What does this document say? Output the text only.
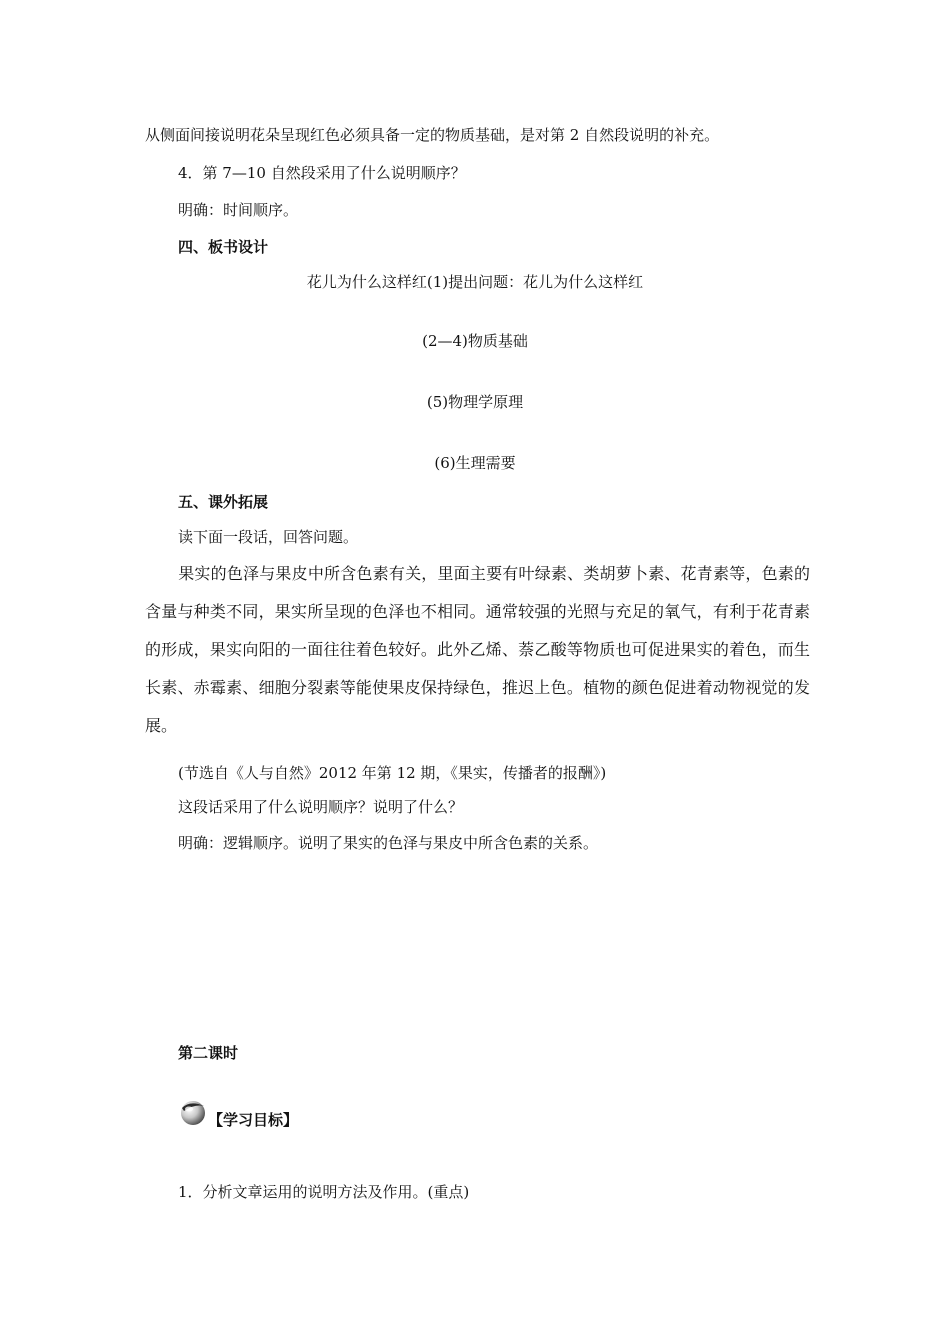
从侧面间接说明花朵呈现红色必须具备一定的物质基础，是对第 2 自然段说明的补充。
4．第 7—10 自然段采用了什么说明顺序？
明确：时间顺序。
四、板书设计
花儿为什么这样红(1)提出问题：花儿为什么这样红
(2—4)物质基础
(5)物理学原理
(6)生理需要
五、课外拓展
读下面一段话，回答问题。
果实的色泽与果皮中所含色素有关，里面主要有叶绿素、类胡萝卜素、花青素等，色素的含量与种类不同，果实所呈现的色泽也不相同。通常较强的光照与充足的氧气，有利于花青素的形成，果实向阳的一面往往着色较好。此外乙烯、萘乙酸等物质也可促进果实的着色，而生长素、赤霉素、细胞分裂素等能使果皮保持绿色，推迟上色。植物的颜色促进着动物视觉的发展。
(节选自《人与自然》2012 年第 12 期，《果实，传播者的报酬》)
这段话采用了什么说明顺序？说明了什么？
明确：逻辑顺序。说明了果实的色泽与果皮中所含色素的关系。
第二课时
【学习目标】
1．分析文章运用的说明方法及作用。(重点)
